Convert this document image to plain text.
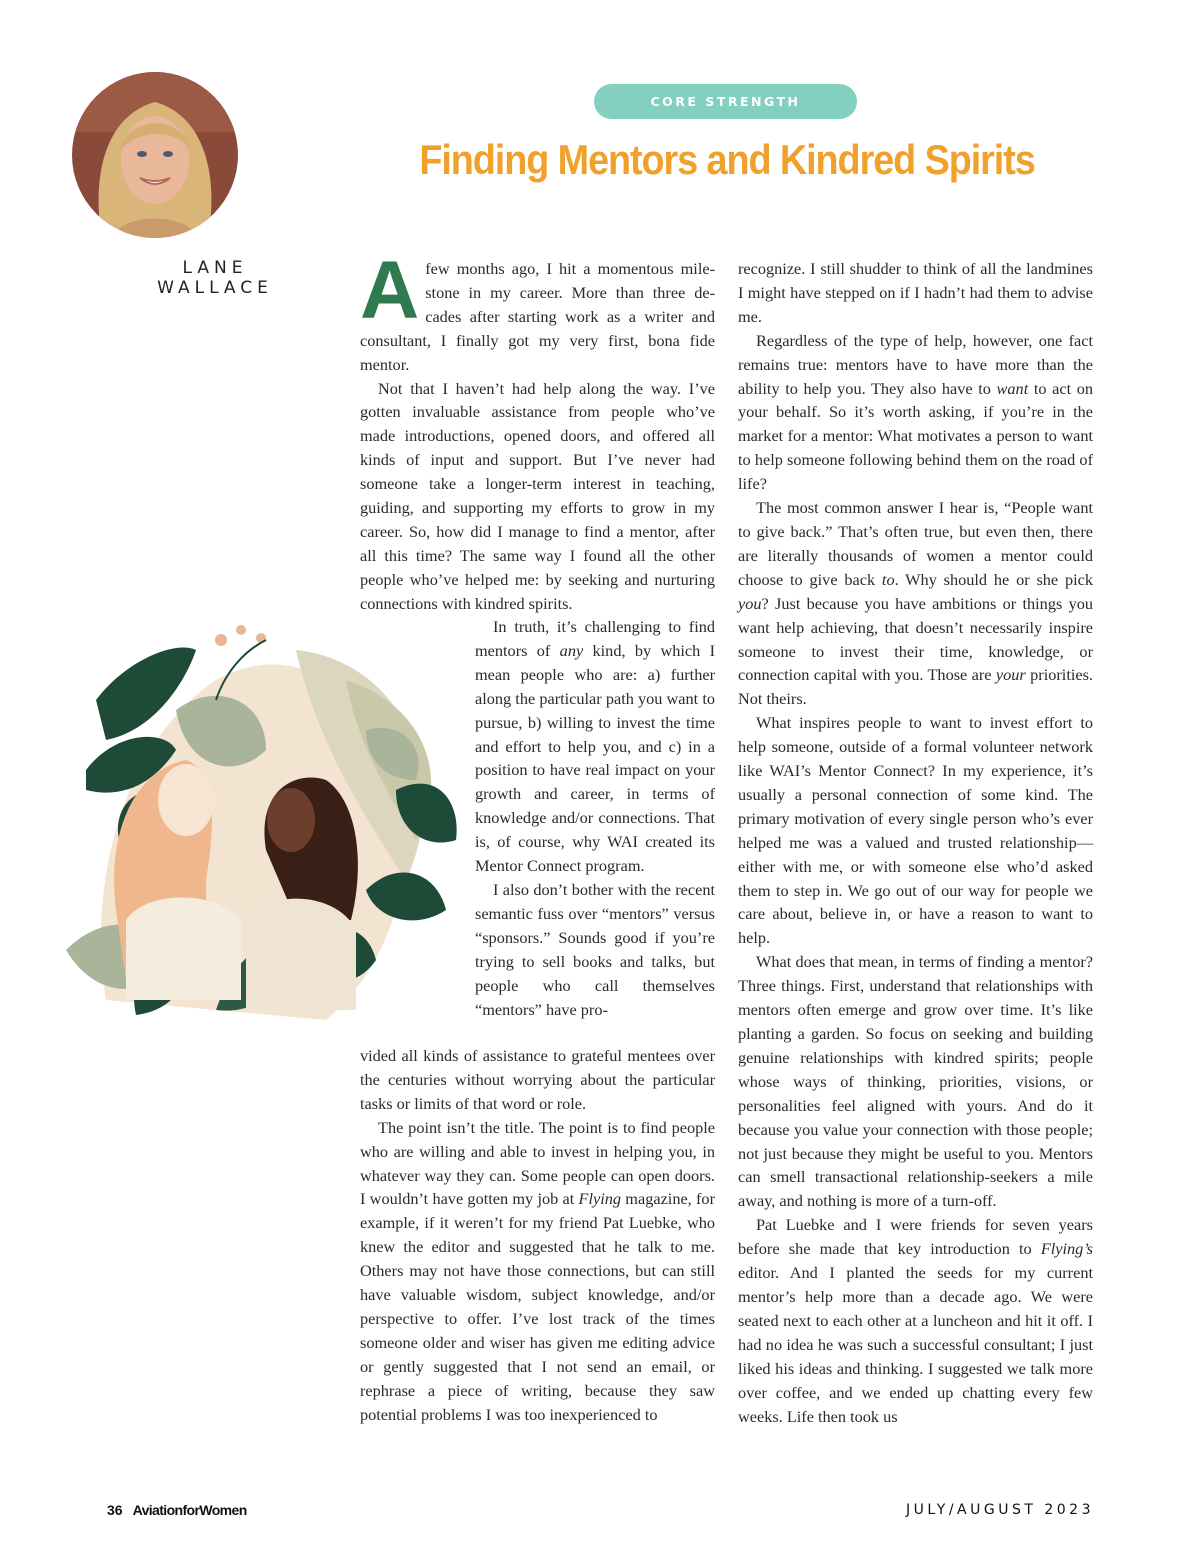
LANE
WALLACE
CORE STRENGTH
Finding Mentors and Kindred Spirits
A few months ago, I hit a momentous mile-
stone in my career. More than three de-
cades after starting work as a writer and
consultant, I finally got my very first, bona fide
mentor.

Not that I haven’t had help along the way. I’ve gotten invaluable assistance from people who’ve made introductions, opened doors, and offered all kinds of input and support. But I’ve never had someone take a longer-term interest in teaching, guiding, and supporting my efforts to grow in my career. So, how did I manage to find a mentor, after all this time? The same way I found all the other people who’ve helped me: by seeking and nurturing connections with kindred spirits.

In truth, it’s challenging to find mentors of any kind, by which I mean people who are: a) further along the particular path you want to pursue, b) willing to invest the time and effort to help you, and c) in a position to have real impact on your growth and career, in terms of knowledge and/or connections. That is, of course, why WAI created its Mentor Connect program.

I also don’t bother with the recent semantic fuss over “mentors” versus “sponsors.” Sounds good if you’re trying to sell books and talks, but people who call themselves “mentors” have pro-

vided all kinds of assistance to grateful mentees over the centuries without worrying about the particular tasks or limits of that word or role.

The point isn’t the title. The point is to find people who are willing and able to invest in helping you, in whatever way they can. Some people can open doors. I wouldn’t have gotten my job at Flying magazine, for example, if it weren’t for my friend Pat Luebke, who knew the editor and suggested that he talk to me. Others may not have those connections, but can still have valuable wisdom, subject knowledge, and/or perspective to offer. I’ve lost track of the times someone older and wiser has given me editing advice or gently suggested that I not send an email, or rephrase a piece of writing, because they saw potential problems I was too inexperienced to

recognize. I still shudder to think of all the landmines I might have stepped on if I hadn’t had them to advise me.

Regardless of the type of help, however, one fact remains true: mentors have to have more than the ability to help you. They also have to want to act on your behalf. So it’s worth asking, if you’re in the market for a mentor: What motivates a person to want to help someone following behind them on the road of life?

The most common answer I hear is, “People want to give back.” That’s often true, but even then, there are literally thousands of women a mentor could choose to give back to. Why should he or she pick you? Just because you have ambitions or things you want help achieving, that doesn’t necessarily inspire someone to invest their time, knowledge, or connection capital with you. Those are your priorities. Not theirs.

What inspires people to want to invest effort to help someone, outside of a formal volunteer network like WAI’s Mentor Connect? In my experience, it’s usually a personal connection of some kind. The primary motivation of every single person who’s ever helped me was a valued and trusted relationship—either with me, or with someone else who’d asked them to step in. We go out of our way for people we care about, believe in, or have a reason to want to help.

What does that mean, in terms of finding a mentor? Three things. First, understand that relationships with mentors often emerge and grow over time. It’s like planting a garden. So focus on seeking and building genuine relationships with kindred spirits; people whose ways of thinking, priorities, visions, or personalities feel aligned with yours. And do it because you value your connection with those people; not just because they might be useful to you. Mentors can smell transactional relationship-seekers a mile away, and nothing is more of a turn-off.

Pat Luebke and I were friends for seven years before she made that key introduction to Flying’s editor. And I planted the seeds for my current mentor’s help more than a decade ago. We were seated next to each other at a luncheon and hit it off. I had no idea he was such a successful consultant; I just liked his ideas and thinking. I suggested we talk more over coffee, and we ended up chatting every few weeks. Life then took us

36 AviationforWomen	JULY/AUGUST 2023
